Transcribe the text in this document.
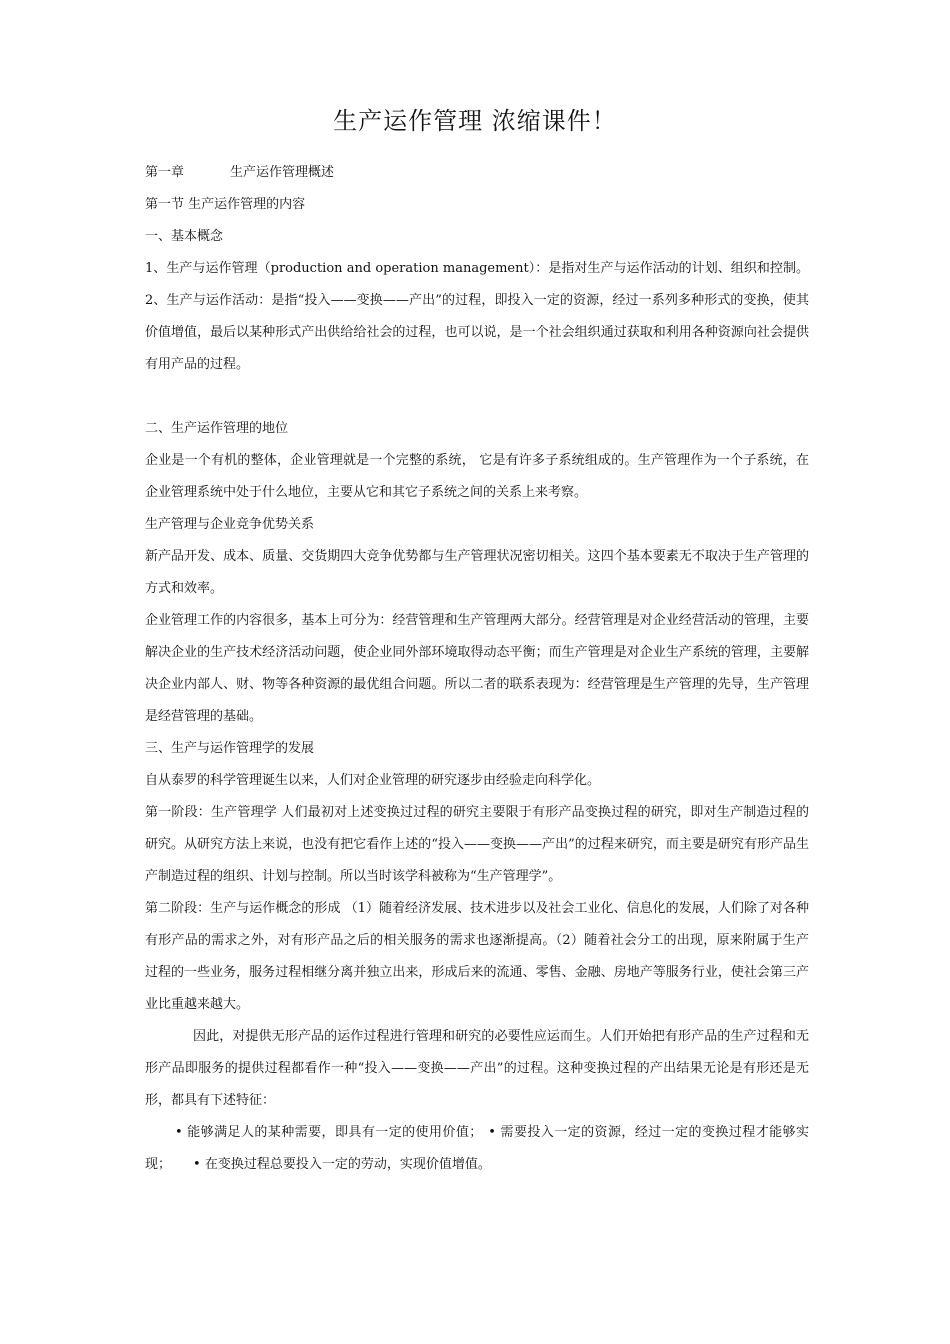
生产运作管理 浓缩课件！

第一章	生产运作管理概述

第一节 生产运作管理的内容

一、基本概念

1、生产与运作管理（production and operation management）：是指对生产与运作活动的计划、组织和控制。2、生产与运作活动：是指“投入——变换——产出”的过程，即投入一定的资源，经过一系列多种形式的变换，使其价值增值，最后以某种形式产出供给给社会的过程，也可以说，是一个社会组织通过获取和利用各种资源向社会提供有用产品的过程。

二、生产运作管理的地位

企业是一个有机的整体，企业管理就是一个完整的系统， 它是有许多子系统组成的。生产管理作为一个子系统，在企业管理系统中处于什么地位，主要从它和其它子系统之间的关系上来考察。

生产管理与企业竞争优势关系

新产品开发、成本、质量、交货期四大竞争优势都与生产管理状况密切相关。这四个基本要素无不取决于生产管理的方式和效率。

企业管理工作的内容很多，基本上可分为：经营管理和生产管理两大部分。经营管理是对企业经营活动的管理，主要解决企业的生产技术经济活动问题，使企业同外部环境取得动态平衡；而生产管理是对企业生产系统的管理，主要解决企业内部人、财、物等各种资源的最优组合问题。所以二者的联系表现为：经营管理是生产管理的先导，生产管理是经营管理的基础。

三、生产与运作管理学的发展

自从泰罗的科学管理诞生以来，人们对企业管理的研究逐步由经验走向科学化。

第一阶段：生产管理学 人们最初对上述变换过过程的研究主要限于有形产品变换过程的研究，即对生产制造过程的研究。从研究方法上来说，也没有把它看作上述的“投入——变换——产出”的过程来研究，而主要是研究有形产品生产制造过程的组织、计划与控制。所以当时该学科被称为“生产管理学”。

第二阶段：生产与运作概念的形成 （1）随着经济发展、技术进步以及社会工业化、信息化的发展，人们除了对各种有形产品的需求之外，对有形产品之后的相关服务的需求也逐渐提高。（2）随着社会分工的出现，原来附属于生产过程的一些业务，服务过程相继分离并独立出来，形成后来的流通、零售、金融、房地产等服务行业，使社会第三产业比重越来越大。

因此，对提供无形产品的运作过程进行管理和研究的必要性应运而生。人们开始把有形产品的生产过程和无形产品即服务的提供过程都看作一种“投入——变换——产出”的过程。这种变换过程的产出结果无论是有形还是无形，都具有下述特征：

• 能够满足人的某种需要，即具有一定的使用价值； • 需要投入一定的资源，经过一定的变换过程才能够实现； • 在变换过程总要投入一定的劳动，实现价值增值。
